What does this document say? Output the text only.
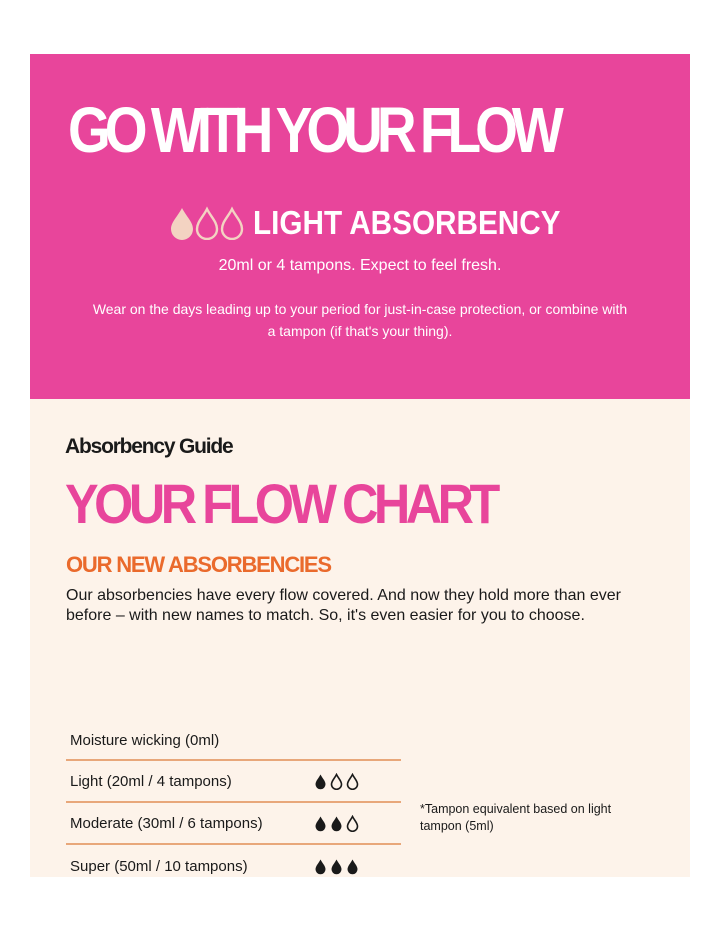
GO WITH YOUR FLOW
LIGHT ABSORBENCY
20ml or 4 tampons. Expect to feel fresh.
Wear on the days leading up to your period for just-in-case protection, or combine with a tampon (if that's your thing).
Absorbency Guide
YOUR FLOW CHART
OUR NEW ABSORBENCIES
Our absorbencies have every flow covered. And now they hold more than ever before – with new names to match. So, it's even easier for you to choose.
Moisture wicking (0ml)
Light (20ml / 4 tampons)
Moderate (30ml / 6 tampons)
Super (50ml / 10 tampons)
*Tampon equivalent based on light tampon (5ml)
